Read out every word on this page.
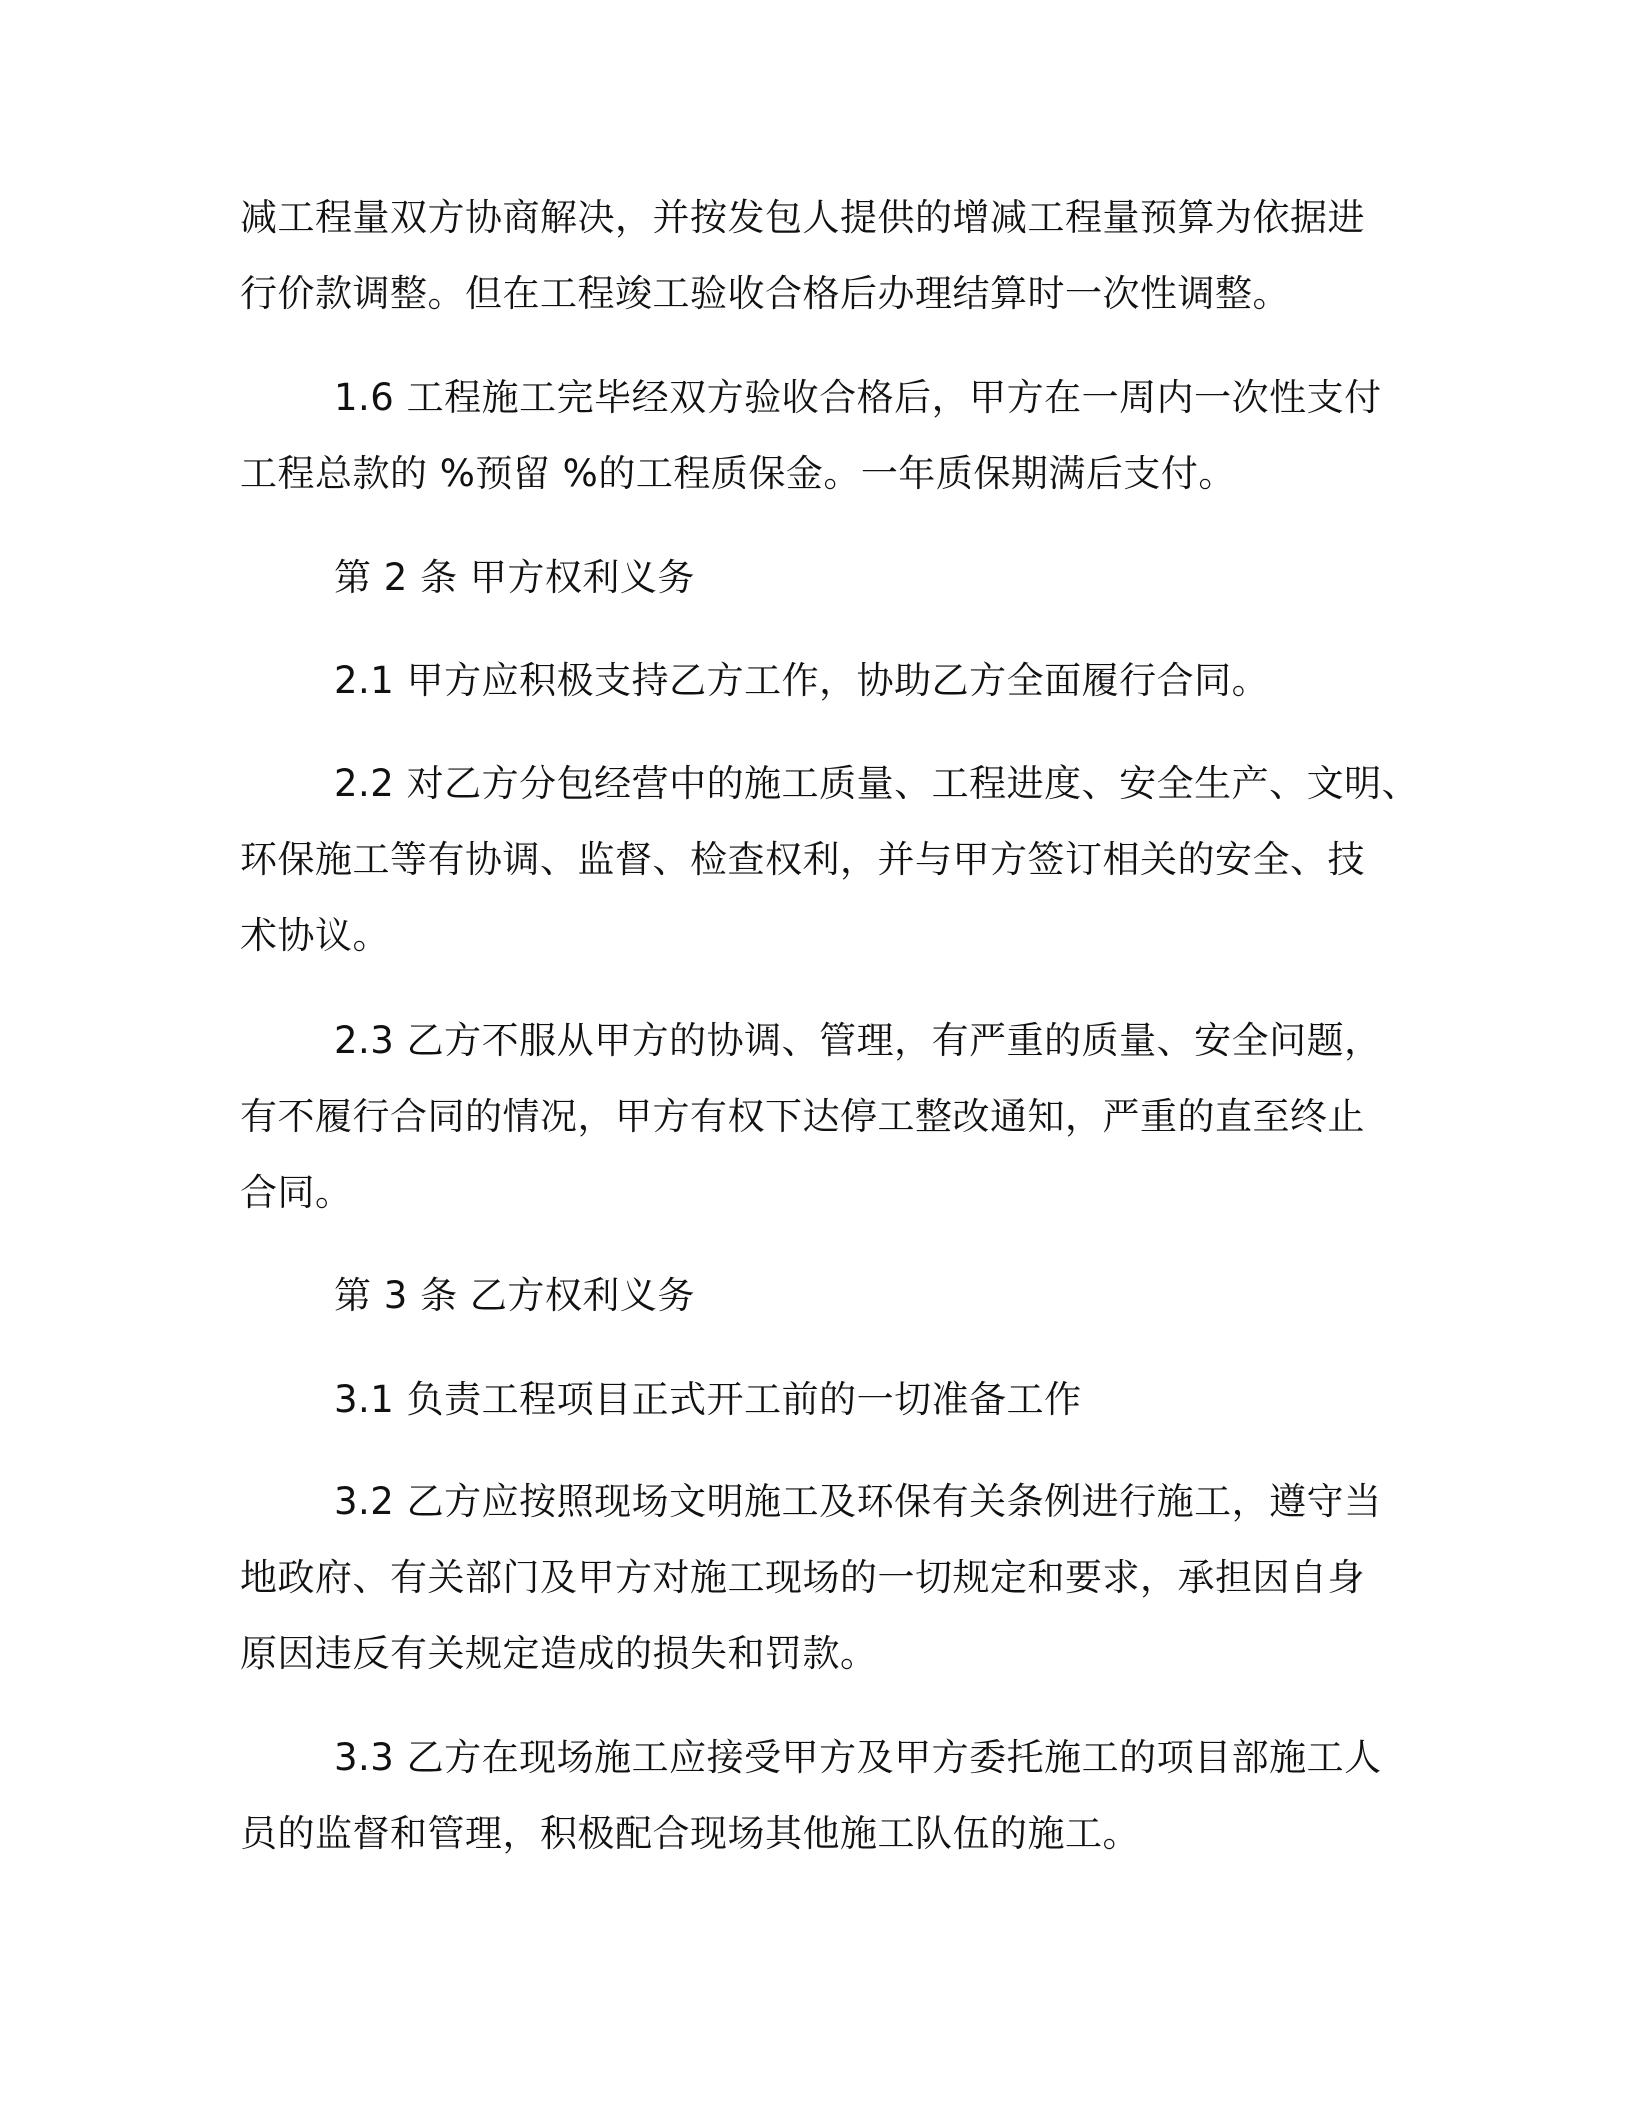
减工程量双方协商解决，并按发包人提供的增减工程量预算为依据进
行价款调整。但在工程竣工验收合格后办理结算时一次性调整。
1.6 工程施工完毕经双方验收合格后，甲方在一周内一次性支付
工程总款的 %预留 %的工程质保金。一年质保期满后支付。
第 2 条 甲方权利义务
2.1 甲方应积极支持乙方工作，协助乙方全面履行合同。
2.2 对乙方分包经营中的施工质量、工程进度、安全生产、文明、
环保施工等有协调、监督、检查权利，并与甲方签订相关的安全、技
术协议。
2.3 乙方不服从甲方的协调、管理，有严重的质量、安全问题，
有不履行合同的情况，甲方有权下达停工整改通知，严重的直至终止
合同。
第 3 条 乙方权利义务
3.1 负责工程项目正式开工前的一切准备工作
3.2 乙方应按照现场文明施工及环保有关条例进行施工，遵守当
地政府、有关部门及甲方对施工现场的一切规定和要求，承担因自身
原因违反有关规定造成的损失和罚款。
3.3 乙方在现场施工应接受甲方及甲方委托施工的项目部施工人
员的监督和管理，积极配合现场其他施工队伍的施工。
